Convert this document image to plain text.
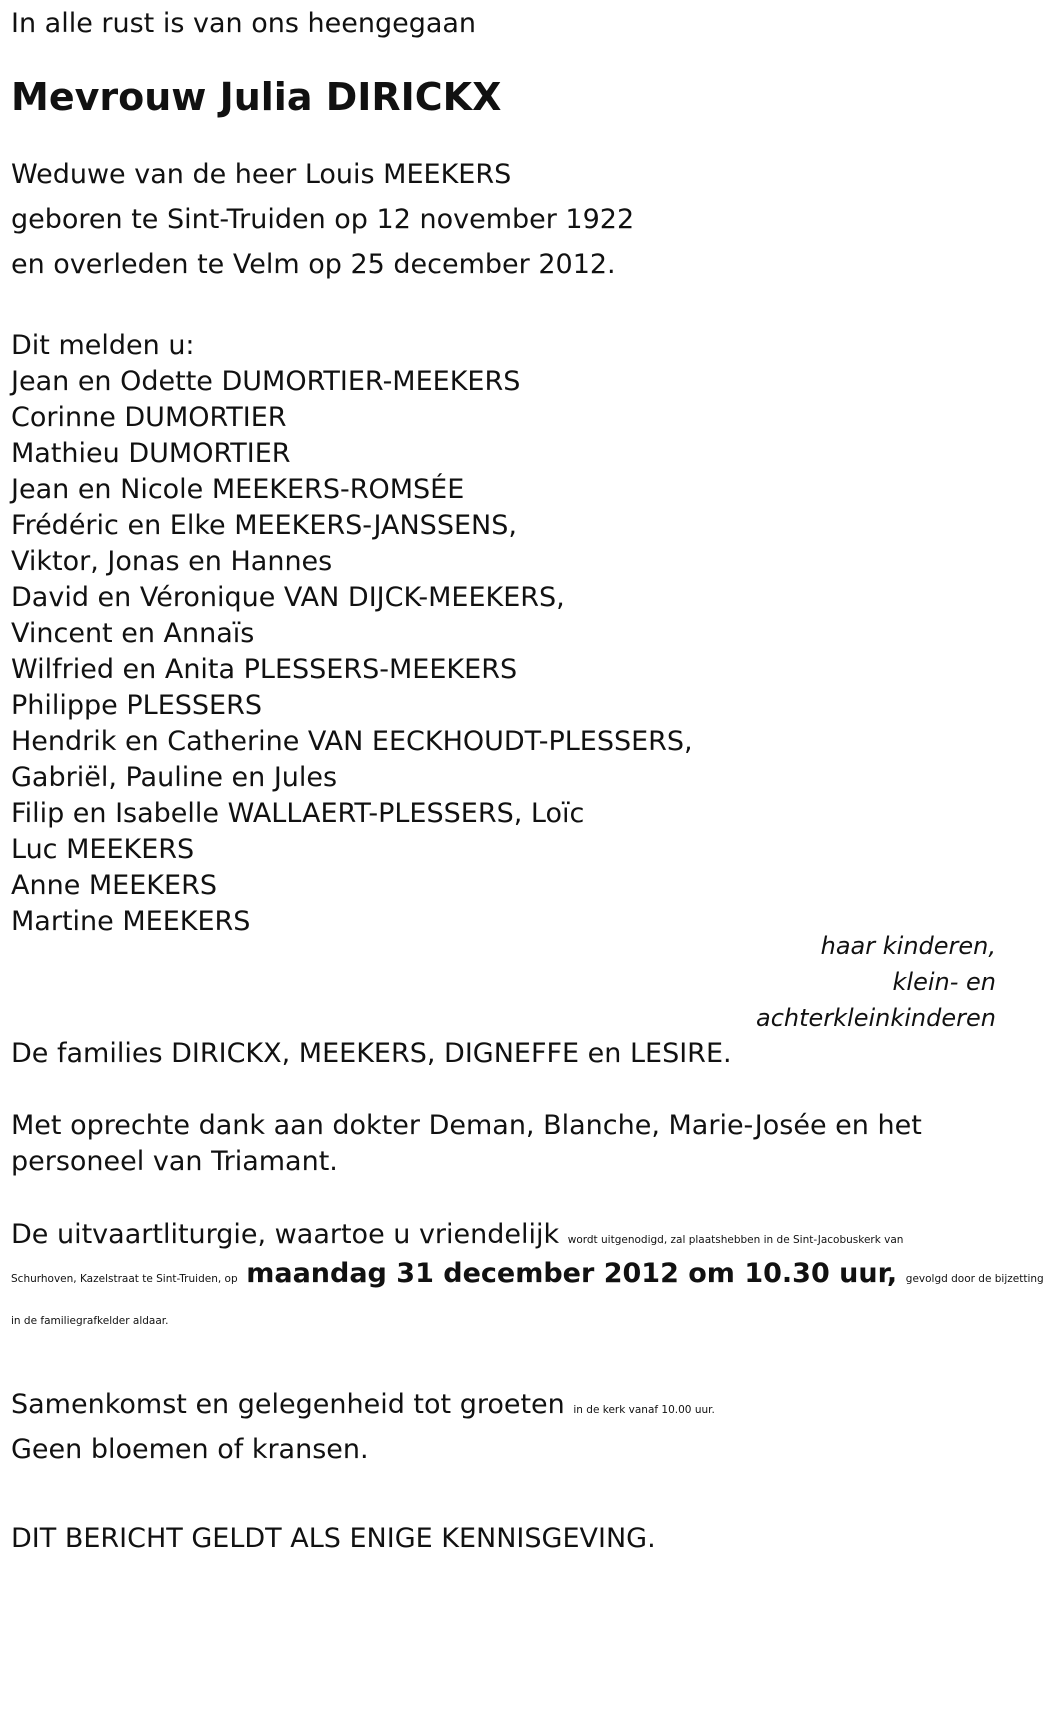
In alle rust is van ons heengegaan
Mevrouw Julia DIRICKX
Weduwe van de heer Louis MEEKERS
geboren te Sint-Truiden op 12 november 1922
en overleden te Velm op 25 december 2012.
Dit melden u:
Jean en Odette DUMORTIER-MEEKERS
Corinne DUMORTIER
Mathieu DUMORTIER
Jean en Nicole MEEKERS-ROMSÉE
Frédéric en Elke MEEKERS-JANSSENS,
Viktor, Jonas en Hannes
David en Véronique VAN DIJCK-MEEKERS,
Vincent en Annaïs
Wilfried en Anita PLESSERS-MEEKERS
Philippe PLESSERS
Hendrik en Catherine VAN EECKHOUDT-PLESSERS,
Gabriël, Pauline en Jules
Filip en Isabelle WALLAERT-PLESSERS, Loïc
Luc MEEKERS
Anne MEEKERS
Martine MEEKERS
haar kinderen,
klein- en
achterkleinkinderen
De families DIRICKX, MEEKERS, DIGNEFFE en LESIRE.
Met oprechte dank aan dokter Deman, Blanche, Marie-Josée en het
personeel van Triamant.
De uitvaartliturgie, waartoe u vriendelijk wordt uitgenodigd, zal plaatshebben in de Sint-Jacobuskerk van
Schurhoven, Kazelstraat te Sint-Truiden, op maandag 31 december 2012 om 10.30 uur, gevolgd door de bijzetting
in de familiegrafkelder aldaar.
Samenkomst en gelegenheid tot groeten in de kerk vanaf 10.00 uur.
Geen bloemen of kransen.
DIT BERICHT GELDT ALS ENIGE KENNISGEVING.
